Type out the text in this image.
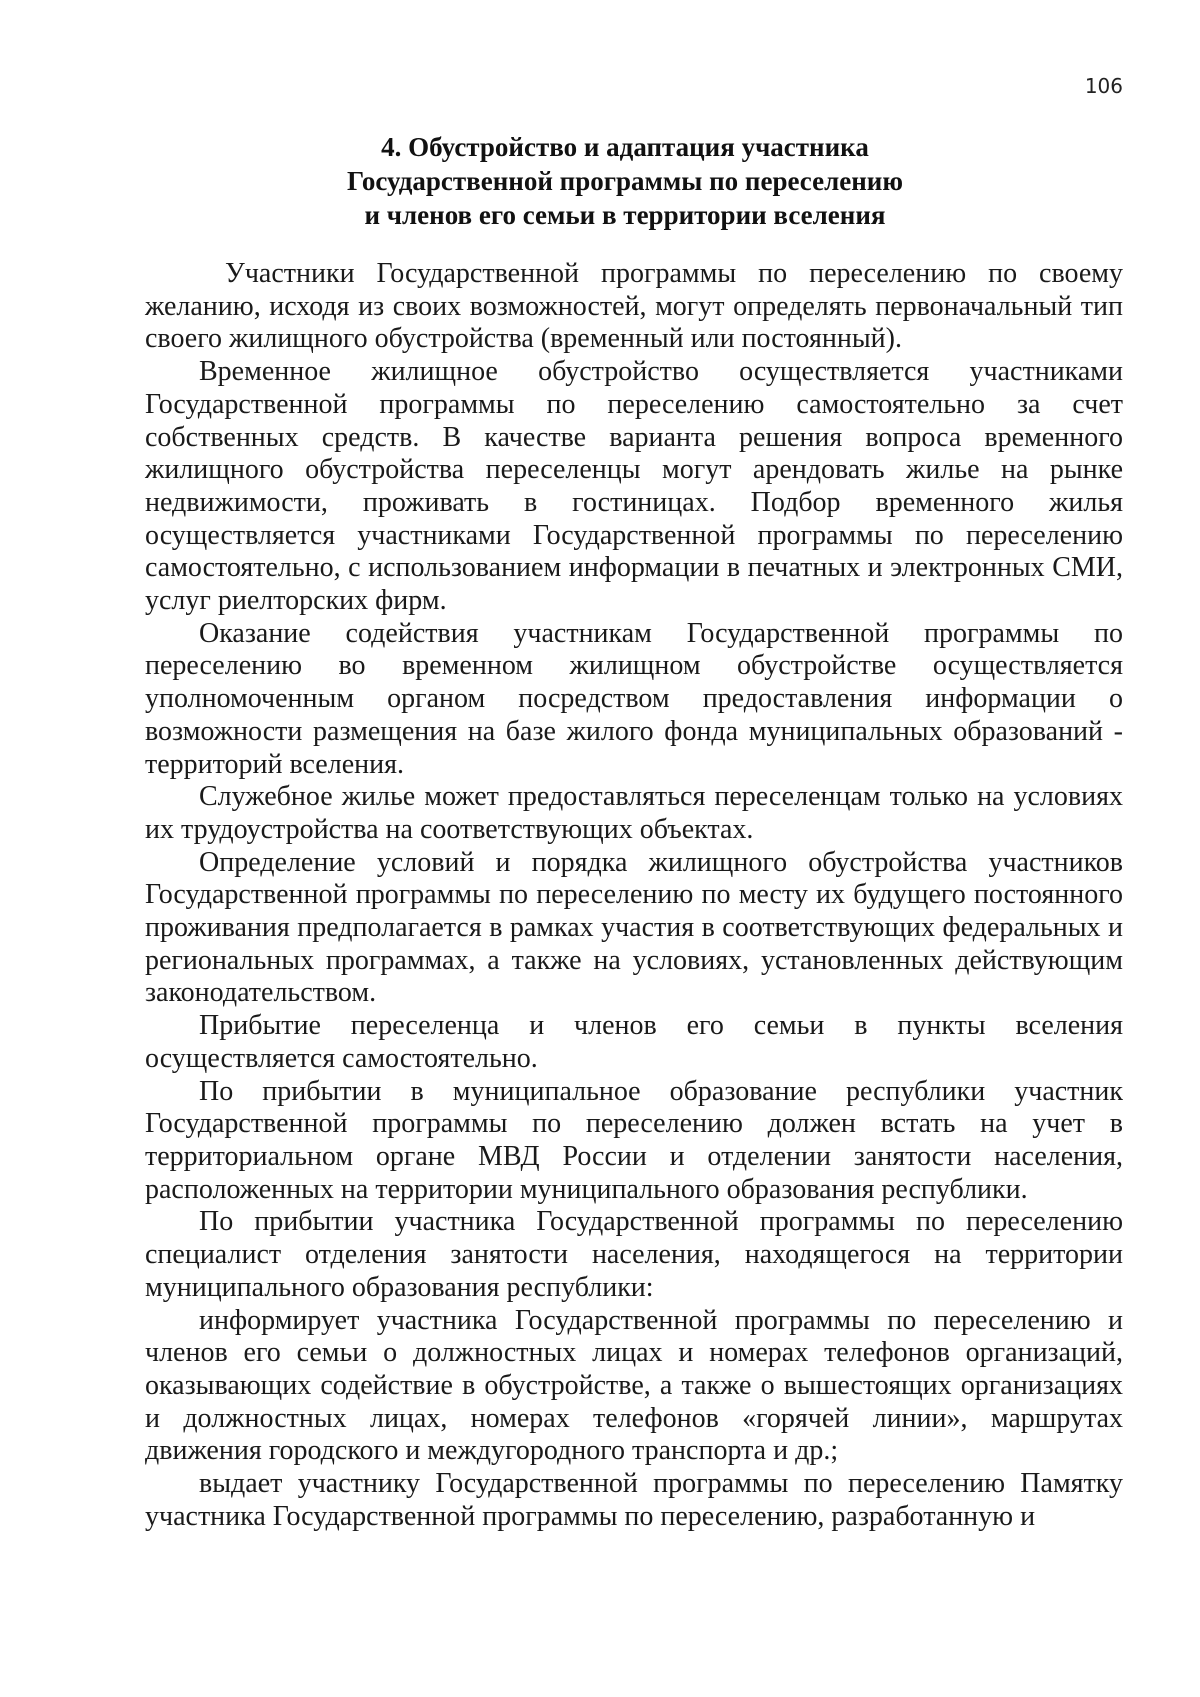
106
4. Обустройство и адаптация участника
Государственной программы по переселению
и членов его семьи в территории вселения

Участники Государственной программы по переселению по своему желанию, исходя из своих возможностей, могут определять первоначальный тип своего жилищного обустройства (временный или постоянный).

Временное жилищное обустройство осуществляется участниками Государственной программы по переселению самостоятельно за счет собственных средств. В качестве варианта решения вопроса временного жилищного обустройства переселенцы могут арендовать жилье на рынке недвижимости, проживать в гостиницах. Подбор временного жилья осуществляется участниками Государственной программы по переселению самостоятельно, с использованием информации в печатных и электронных СМИ, услуг риелторских фирм.

Оказание содействия участникам Государственной программы по переселению во временном жилищном обустройстве осуществляется уполномоченным органом посредством предоставления информации о возможности размещения на базе жилого фонда муниципальных образований - территорий вселения.

Служебное жилье может предоставляться переселенцам только на условиях их трудоустройства на соответствующих объектах.

Определение условий и порядка жилищного обустройства участников Государственной программы по переселению по месту их будущего постоянного проживания предполагается в рамках участия в соответствующих федеральных и региональных программах, а также на условиях, установленных действующим законодательством.

Прибытие переселенца и членов его семьи в пункты вселения осуществляется самостоятельно.

По прибытии в муниципальное образование республики участник Государственной программы по переселению должен встать на учет в территориальном органе МВД России и отделении занятости населения, расположенных на территории муниципального образования республики.

По прибытии участника Государственной программы по переселению специалист отделения занятости населения, находящегося на территории муниципального образования республики:

информирует участника Государственной программы по переселению и членов его семьи о должностных лицах и номерах телефонов организаций, оказывающих содействие в обустройстве, а также о вышестоящих организациях и должностных лицах, номерах телефонов «горячей линии», маршрутах движения городского и междугородного транспорта и др.;

выдает участнику Государственной программы по переселению Памятку участника Государственной программы по переселению, разработанную и
